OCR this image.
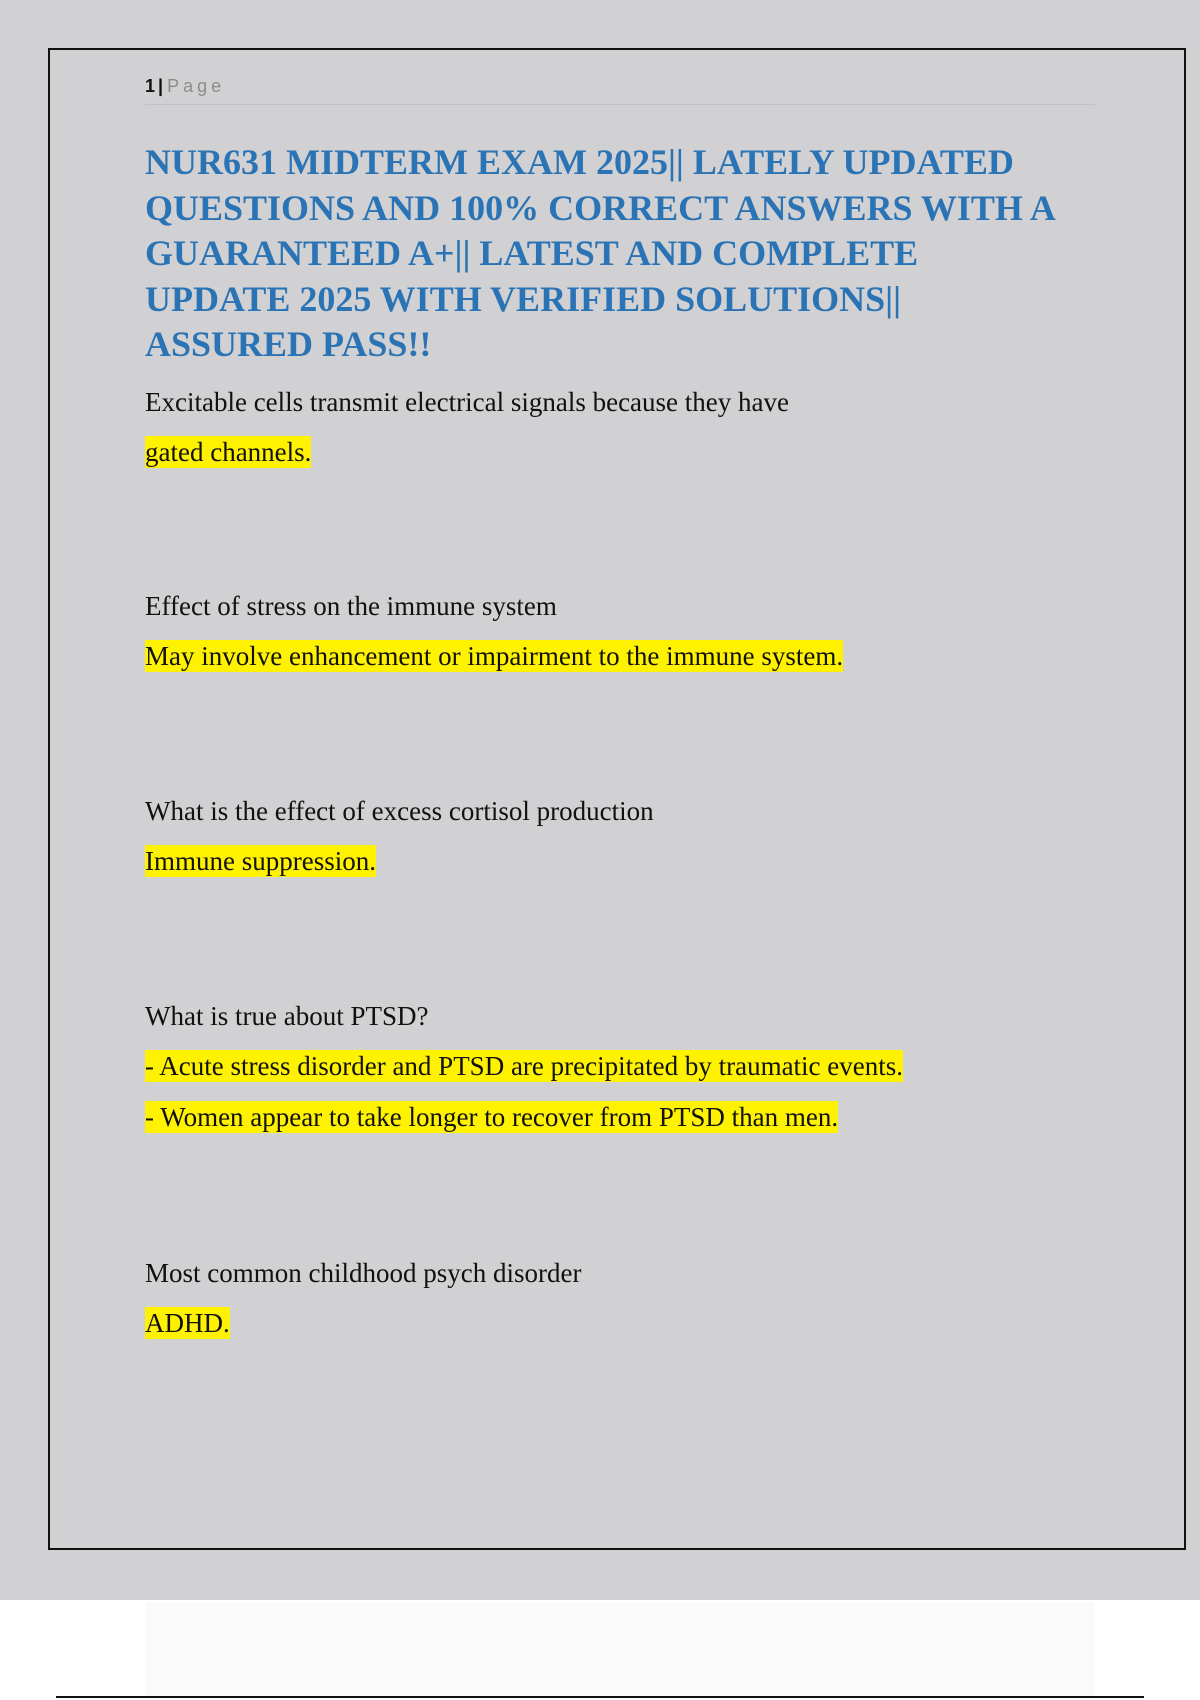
1 | Page
NUR631 MIDTERM EXAM 2025|| LATELY UPDATED
QUESTIONS AND 100% CORRECT ANSWERS WITH A
GUARANTEED A+|| LATEST AND COMPLETE
UPDATE 2025 WITH VERIFIED SOLUTIONS||
ASSURED PASS!!
Excitable cells transmit electrical signals because they have
gated channels.
Effect of stress on the immune system
May involve enhancement or impairment to the immune system.
What is the effect of excess cortisol production
Immune suppression.
What is true about PTSD?
- Acute stress disorder and PTSD are precipitated by traumatic events.
- Women appear to take longer to recover from PTSD than men.
Most common childhood psych disorder
ADHD.
